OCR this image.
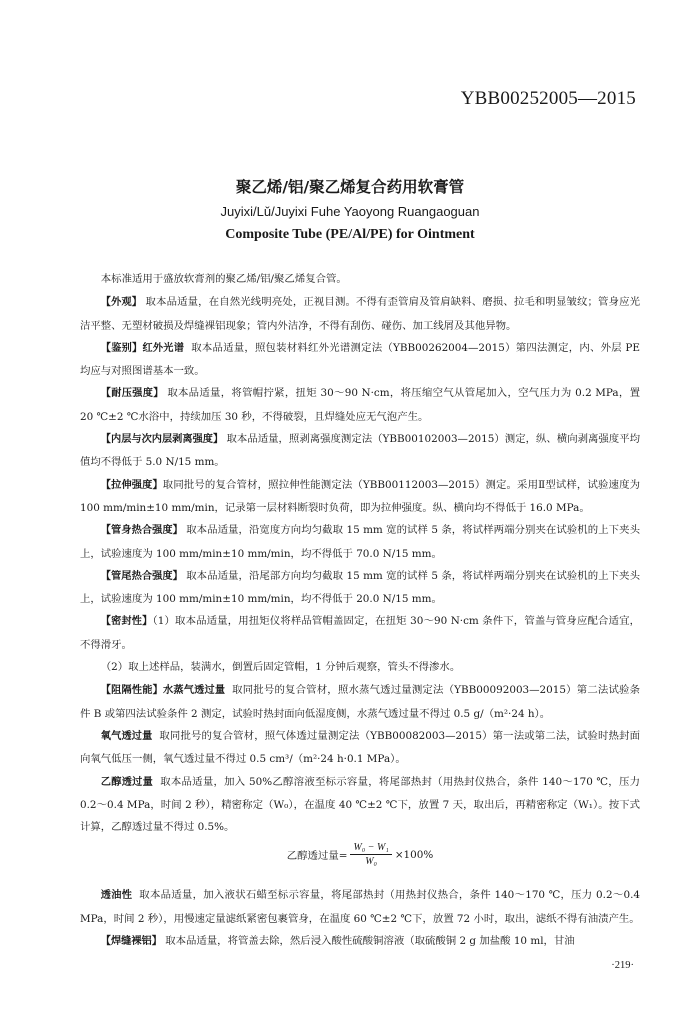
YBB00252005—2015
聚乙烯/铝/聚乙烯复合药用软膏管
Juyixi/Lǔ/Juyixi Fuhe Yaoyong Ruangaoguan
Composite Tube (PE/Al/PE) for Ointment

本标准适用于盛放软膏剂的聚乙烯/铝/聚乙烯复合管。

【外观】 取本品适量，在自然光线明亮处，正视目测。不得有歪管肩及管肩缺料、磨损、拉毛和明显皱纹；管身应光洁平整、无塑材破损及焊缝裸铝现象；管内外洁净，不得有刮伤、碰伤、加工线屑及其他异物。

【鉴别】红外光谱 取本品适量，照包装材料红外光谱测定法（YBB00262004—2015）第四法测定，内、外层 PE 均应与对照图谱基本一致。

【耐压强度】 取本品适量，将管帽拧紧，扭矩 30～90 N·cm，将压缩空气从管尾加入，空气压力为 0.2 MPa，置 20 ℃±2 ℃水浴中，持续加压 30 秒，不得破裂，且焊缝处应无气泡产生。

【内层与次内层剥离强度】 取本品适量，照剥离强度测定法（YBB00102003—2015）测定，纵、横向剥离强度平均值均不得低于 5.0 N/15 mm。

【拉伸强度】取同批号的复合管材，照拉伸性能测定法（YBB00112003—2015）测定。采用Ⅱ型试样，试验速度为 100 mm/min±10 mm/min，记录第一层材料断裂时负荷，即为拉伸强度。纵、横向均不得低于 16.0 MPa。

【管身热合强度】 取本品适量，沿宽度方向均匀截取 15 mm 宽的试样 5 条，将试样两端分别夹在试验机的上下夹头上，试验速度为 100 mm/min±10 mm/min，均不得低于 70.0 N/15 mm。

【管尾热合强度】 取本品适量，沿尾部方向均匀截取 15 mm 宽的试样 5 条，将试样两端分别夹在试验机的上下夹头上，试验速度为 100 mm/min±10 mm/min，均不得低于 20.0 N/15 mm。

【密封性】（1）取本品适量，用扭矩仪将样品管帽盖固定，在扭矩 30～90 N·cm 条件下，管盖与管身应配合适宜，不得滑牙。

（2）取上述样品，装满水，倒置后固定管帽，1 分钟后观察，管头不得渗水。

【阻隔性能】水蒸气透过量 取同批号的复合管材，照水蒸气透过量测定法（YBB00092003—2015）第二法试验条件 B 或第四法试验条件 2 测定，试验时热封面向低湿度侧，水蒸气透过量不得过 0.5 g/（m²·24 h）。

氧气透过量 取同批号的复合管材，照气体透过量测定法（YBB00082003—2015）第一法或第二法，试验时热封面向氧气低压一侧，氧气透过量不得过 0.5 cm³/（m²·24 h·0.1 MPa）。

乙醇透过量 取本品适量，加入 50%乙醇溶液至标示容量，将尾部热封（用热封仪热合，条件 140～170 ℃，压力 0.2～0.4 MPa，时间 2 秒），精密称定（W₀），在温度 40 ℃±2 ℃下，放置 7 天，取出后，再精密称定（W₁）。按下式计算，乙醇透过量不得过 0.5%。

乙醇透过量= $\frac{\text{W₀ − W₁}}{\text{W₀}} \times 100\%$

透油性 取本品适量，加入液状石蜡至标示容量，将尾部热封（用热封仪热合，条件 140～170 ℃，压力 0.2～0.4 MPa，时间 2 秒），用慢速定量滤纸紧密包裹管身，在温度 60 ℃±2 ℃下，放置 72 小时，取出，滤纸不得有油渍产生。

【焊缝裸铝】 取本品适量，将管盖去除，然后浸入酸性硫酸铜溶液（取硫酸铜 2 g 加盐酸 10 ml，甘油

·219·
